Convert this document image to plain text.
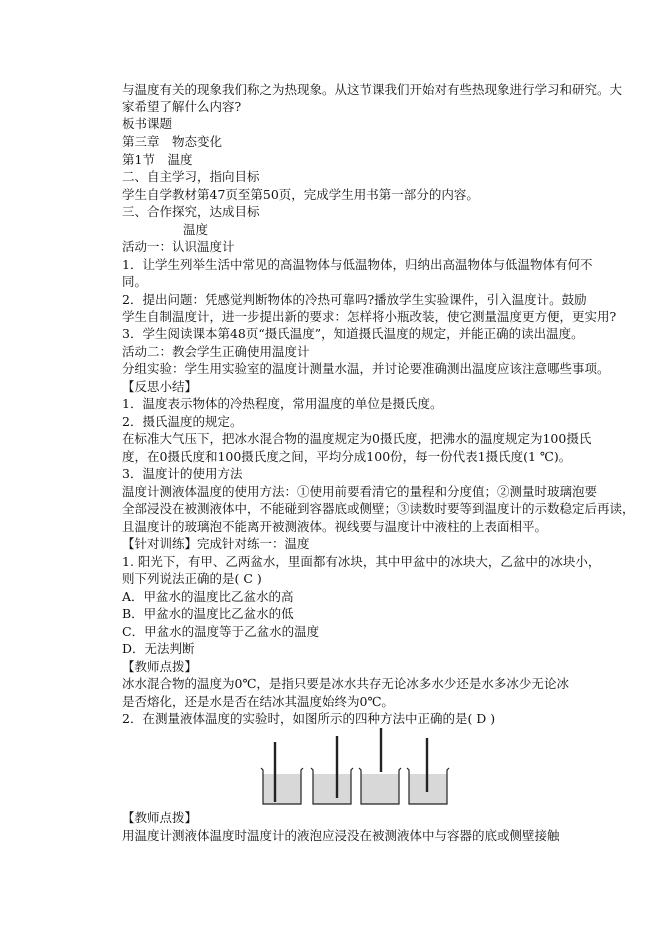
与温度有关的现象我们称之为热现象。从这节课我们开始对有些热现象进行学习和研究。大
家希望了解什么内容?
板书课题
第三章　物态变化
第1节　温度
二、自主学习，指向目标
学生自学教材第47页至第50页，完成学生用书第一部分的内容。
三、合作探究，达成目标
温度
活动一：认识温度计
1．让学生列举生活中常见的高温物体与低温物体，归纳出高温物体与低温物体有何不
同。
2．提出问题：凭感觉判断物体的冷热可靠吗?播放学生实验课件，引入温度计。鼓励
学生自制温度计，进一步提出新的要求：怎样将小瓶改装，使它测量温度更方便，更实用?
3．学生阅读课本第48页“摄氏温度”，知道摄氏温度的规定，并能正确的读出温度。
活动二：教会学生正确使用温度计
分组实验：学生用实验室的温度计测量水温，并讨论要准确测出温度应该注意哪些事项。
【反思小结】
1．温度表示物体的冷热程度，常用温度的单位是摄氏度。
2．摄氏温度的规定。
在标准大气压下，把冰水混合物的温度规定为0摄氏度，把沸水的温度规定为100摄氏
度，在0摄氏度和100摄氏度之间，平均分成100份，每一份代表1摄氏度(1 ℃)。
3．温度计的使用方法
温度计测液体温度的使用方法：①使用前要看清它的量程和分度值；②测量时玻璃泡要
全部浸没在被测液体中，不能碰到容器底或侧壁；③读数时要等到温度计的示数稳定后再读，
且温度计的玻璃泡不能离开被测液体。视线要与温度计中液柱的上表面相平。
【针对训练】完成针对练一：温度
1. 阳光下，有甲、乙两盆水，里面都有冰块，其中甲盆中的冰块大，乙盆中的冰块小，
则下列说法正确的是( C )
A．甲盆水的温度比乙盆水的高
B．甲盆水的温度比乙盆水的低
C．甲盆水的温度等于乙盆水的温度
D．无法判断
【教师点拨】
冰水混合物的温度为0℃，是指只要是冰水共存无论冰多水少还是水多冰少无论冰
是否熔化，还是水是否在结冰其温度始终为0℃。
2．在测量液体温度的实验时，如图所示的四种方法中正确的是( D )
【教师点拨】
用温度计测液体温度时温度计的液泡应浸没在被测液体中与容器的底或侧壁接触
